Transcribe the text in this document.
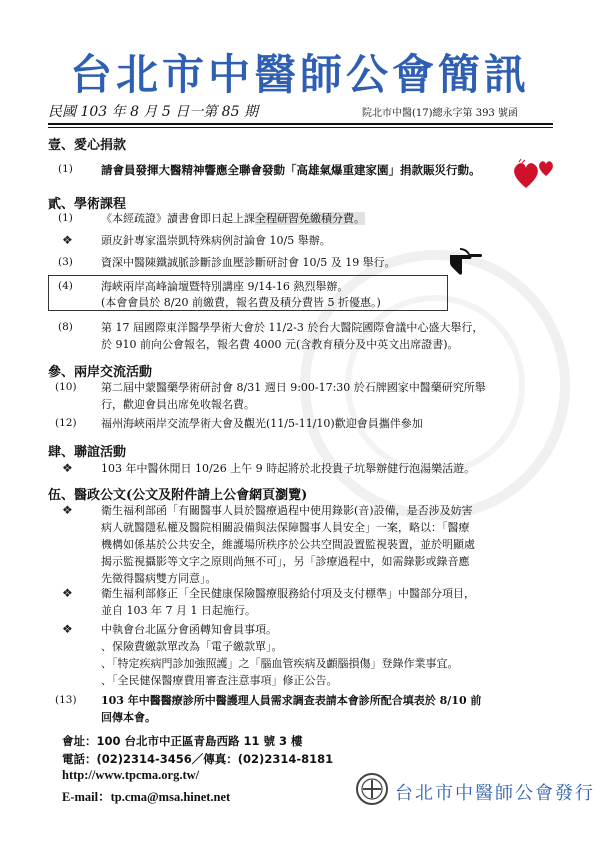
台北市中醫師公會簡訊
民國 103 年 8 月 5 日一第 85 期	院北市中醫(17)總永字第 393 號函
壹、愛心捐款
(1) 請會員發揮大醫精神響應全聯會發動「高雄氣爆重建家園」捐款賑災行動。
貳、學術課程
(1)	《本經疏證》讀書會即日起上課全程研習免繳積分費。
❖	頭皮針專家溫崇凱特殊病例討論會 10/5 舉辦。
(3)	資深中醫陳鐵誠脈診斷診血壓診斷研討會 10/5 及 19 舉行。
(4)	海峽兩岸高峰論壇暨特別講座 9/14-16 熱烈舉辦。
(本會會員於 8/20 前繳費，報名費及積分費皆 5 折優惠。)
(8)	第 17 屆國際東洋醫學學術大會於 11/2-3 於台大醫院國際會議中心盛大舉行，
於 910 前向公會報名，報名費 4000 元(含教育積分及中英文出席證書)。
參、兩岸交流活動
(10) 第二屆中蒙醫藥學術研討會 8/31 週日 9:00-17:30 於石牌國家中醫藥研究所舉
行，歡迎會員出席免收報名費。
(12) 福州海峽兩岸交流學術大會及觀光(11/5-11/10)歡迎會員攜伴參加
肆、聯誼活動
❖	103 年中醫休閒日 10/26 上午 9 時起將於北投貴子坑舉辦健行泡湯樂活遊。
伍、醫政公文(公文及附件請上公會網頁瀏覽)
❖	衛生福利部函「有關醫事人員於醫療過程中使用錄影(音)設備，是否涉及妨害
病人就醫隱私權及醫院相關設備與法保障醫事人員安全」一案，略以：「醫療
機構如係基於公共安全，維護場所秩序於公共空間設置監視裝置，並於明顯處
揭示監視攝影等文字之原則尚無不可」，另「診療過程中，如需錄影或錄音應
先徵得醫病雙方同意」。
❖	衛生福利部修正「全民健康保險醫療服務給付項及支付標準」中醫部分項目，
並自 103 年 7 月 1 日起施行。
❖	中執會台北區分會函轉知會員事項。
、保險費繳款單改為「電子繳款單」。
、「特定疾病門診加強照護」之「腦血管疾病及顱腦損傷」登錄作業事宜。
、「全民健保醫療費用審查注意事項」修正公告。
(13) 103 年中醫醫療診所中醫護理人員需求調查表請本會診所配合填表於 8/10 前
回傳本會。
會址：100 台北市中正區青島西路 11 號 3 樓
電話：(02)2314-3456／傳真：(02)2314-8181
http://www.tpcma.org.tw/
E-mail：tp.cma@msa.hinet.net	台北市中醫師公會發行
